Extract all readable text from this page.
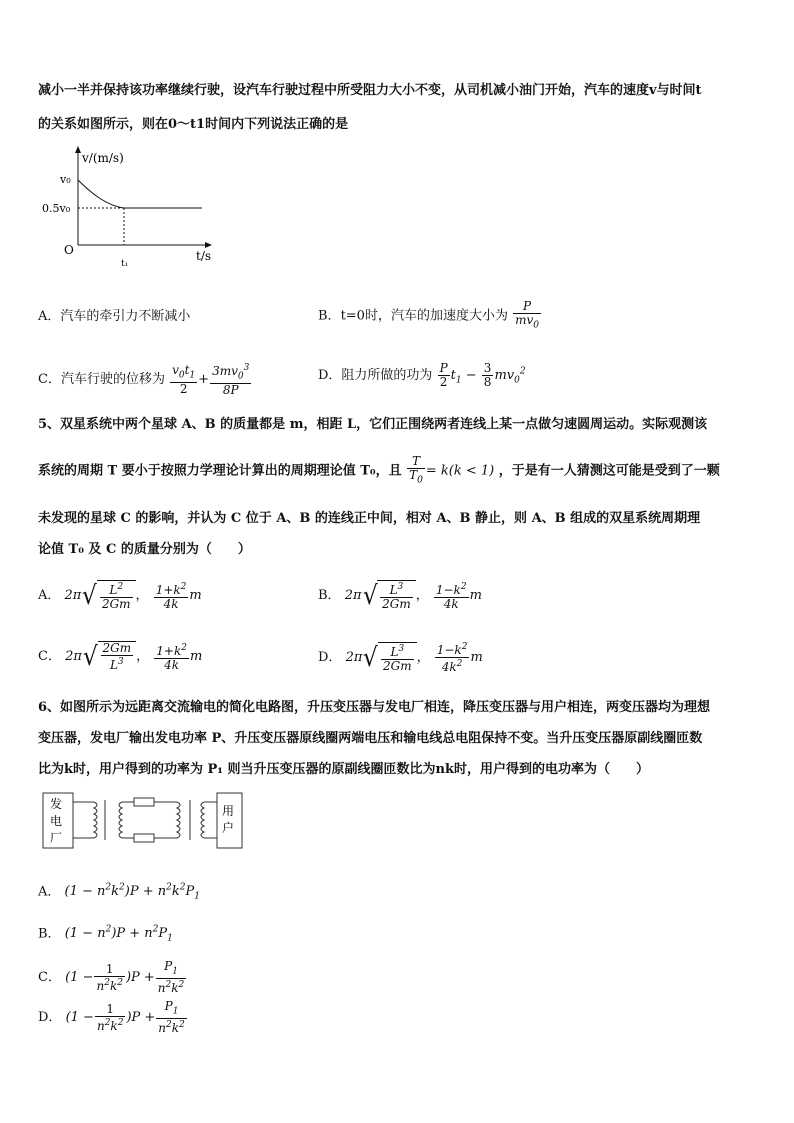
减小一半并保持该功率继续行驶，设汽车行驶过程中所受阻力大小不变，从司机减小油门开始，汽车的速度v与时间t
的关系如图所示，则在0～t1时间内下列说法正确的是
v/(m/s)
v₀
0.5v₀
O
t₁
t/s
A．汽车的牵引力不断减小	B．t=0时，汽车的加速度大小为 $\frac{P}{mv_0}$
C．汽车行驶的位移为 $\frac{v_0t_1}{2} + \frac{3mv_0^3}{8P}$	D．阻力所做的功为 $\frac{P}{2} t_1 - \frac{3}{8} mv_0^2$
5、双星系统中两个星球 A、B 的质量都是 m，相距 L，它们正围绕两者连线上某一点做匀速圆周运动。实际观测该
系统的周期 T 要小于按照力学理论计算出的周期理论值 T₀，且 $\frac{T}{T_0} = k(k < 1)$ ，于是有一人猜测这可能是受到了一颗
未发现的星球 C 的影响，并认为 C 位于 A、B 的连线正中间，相对 A、B 静止，则 A、B 组成的双星系统周期理
论值 T₀ 及 C 的质量分别为（　　）
A． $2\pi√ \frac{L^2}{2Gm}$ ， $\frac{1+k^2}{4k}$ m	B． $2\pi√ \frac{L^3}{2Gm}$ ， $\frac{1-k^2}{4k}$ m
C． $2\pi√ \frac{2Gm}{L^3}$ ， $\frac{1+k^2}{4k}$ m	D． $2\pi√ \frac{L^3}{2Gm}$ ， $\frac{1-k^2}{4k^2}$ m
6、如图所示为远距离交流输电的简化电路图，升压变压器与发电厂相连，降压变压器与用户相连，两变压器均为理想
变压器，发电厂输出发电功率 P、升压变压器原线圈两端电压和输电线总电阻保持不变。当升压变压器原副线圈匝数
比为k时，用户得到的功率为 P₁ 则当升压变压器的原副线圈匝数比为nk时，用户得到的电功率为（　　）
发
电
厂
用
户
A． $(1 - n^2k^2)P + n^2k^2P_1$
B． $(1 - n^2)P + n^2P_1$
C． $(1 - \frac{1}{n^2k^2} )P + \frac{P_1}{n^2k^2}$
D． $(1 - \frac{1}{n^2k^2} )P + \frac{P_1}{n^2k^2}$
